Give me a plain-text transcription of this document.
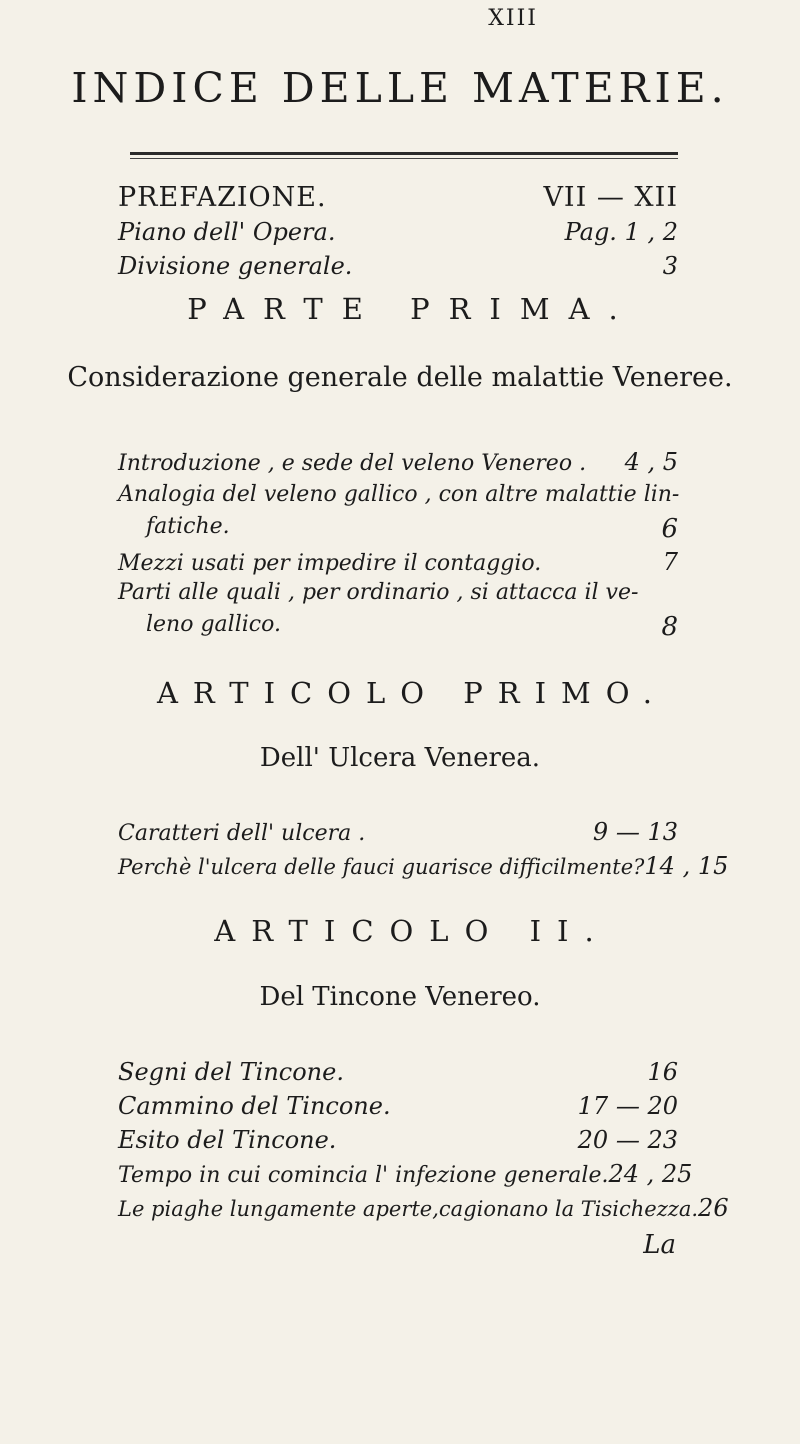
XIII
INDICE DELLE MATERIE.
PREFAZIONE.	VII — XII
Piano dell' Opera.	Pag. 1 , 2
Divisione generale.	3
PARTE PRIMA.
Considerazione generale delle malattie Veneree.
Introduzione , e sede del veleno Venereo . 4 , 5
Analogia del veleno gallico , con altre malattie lin-
fatiche.	6
Mezzi usati per impedire il contaggio.	7
Parti alle quali , per ordinario , si attacca il ve-
leno gallico.	8
ARTICOLO PRIMO.
Dell' Ulcera Venerea.
Caratteri dell' ulcera .	9 — 13
Perchè l'ulcera delle fauci guarisce difficilmente? 14 , 15
ARTICOLO II.
Del Tincone Venereo.
Segni del Tincone.	16
Cammino del Tincone.	17 — 20
Esito del Tincone.	20 — 23
Tempo in cui comincia l' infezione generale. 24 , 25
Le piaghe lungamente aperte,cagionano la Tisichezza. 26
La
